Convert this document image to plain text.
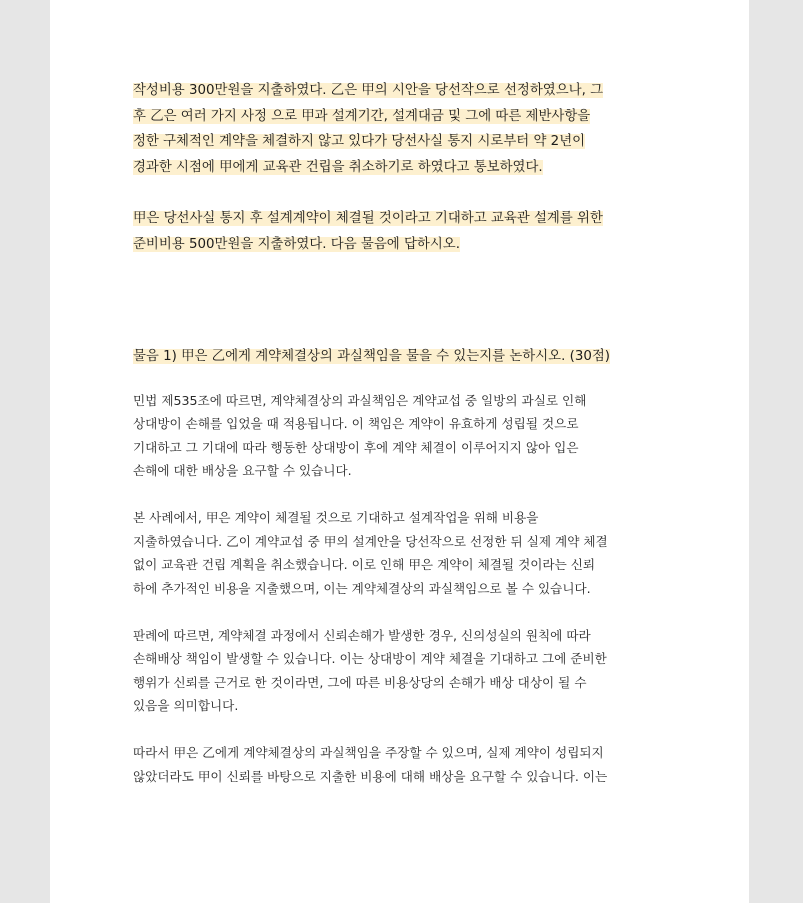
작성비용 300만원을 지출하였다. 乙은 甲의 시안을 당선작으로 선정하였으나, 그
후 乙은 여러 가지 사정 으로 甲과 설계기간, 설계대금 및 그에 따른 제반사항을
정한 구체적인 계약을 체결하지 않고 있다가 당선사실 통지 시로부터 약 2년이
경과한 시점에 甲에게 교육관 건립을 취소하기로 하였다고 통보하였다.
甲은 당선사실 통지 후 설계계약이 체결될 것이라고 기대하고 교육관 설계를 위한
준비비용 500만원을 지출하였다. 다음 물음에 답하시오.
물음 1) 甲은 乙에게 계약체결상의 과실책임을 물을 수 있는지를 논하시오. (30점)
민법 제535조에 따르면, 계약체결상의 과실책임은 계약교섭 중 일방의 과실로 인해
상대방이 손해를 입었을 때 적용됩니다. 이 책임은 계약이 유효하게 성립될 것으로
기대하고 그 기대에 따라 행동한 상대방이 후에 계약 체결이 이루어지지 않아 입은
손해에 대한 배상을 요구할 수 있습니다.
본 사례에서, 甲은 계약이 체결될 것으로 기대하고 설계작업을 위해 비용을
지출하였습니다. 乙이 계약교섭 중 甲의 설계안을 당선작으로 선정한 뒤 실제 계약 체결
없이 교육관 건립 계획을 취소했습니다. 이로 인해 甲은 계약이 체결될 것이라는 신뢰
하에 추가적인 비용을 지출했으며, 이는 계약체결상의 과실책임으로 볼 수 있습니다.
판례에 따르면, 계약체결 과정에서 신뢰손해가 발생한 경우, 신의성실의 원칙에 따라
손해배상 책임이 발생할 수 있습니다. 이는 상대방이 계약 체결을 기대하고 그에 준비한
행위가 신뢰를 근거로 한 것이라면, 그에 따른 비용상당의 손해가 배상 대상이 될 수
있음을 의미합니다.
따라서 甲은 乙에게 계약체결상의 과실책임을 주장할 수 있으며, 실제 계약이 성립되지
않았더라도 甲이 신뢰를 바탕으로 지출한 비용에 대해 배상을 요구할 수 있습니다. 이는
